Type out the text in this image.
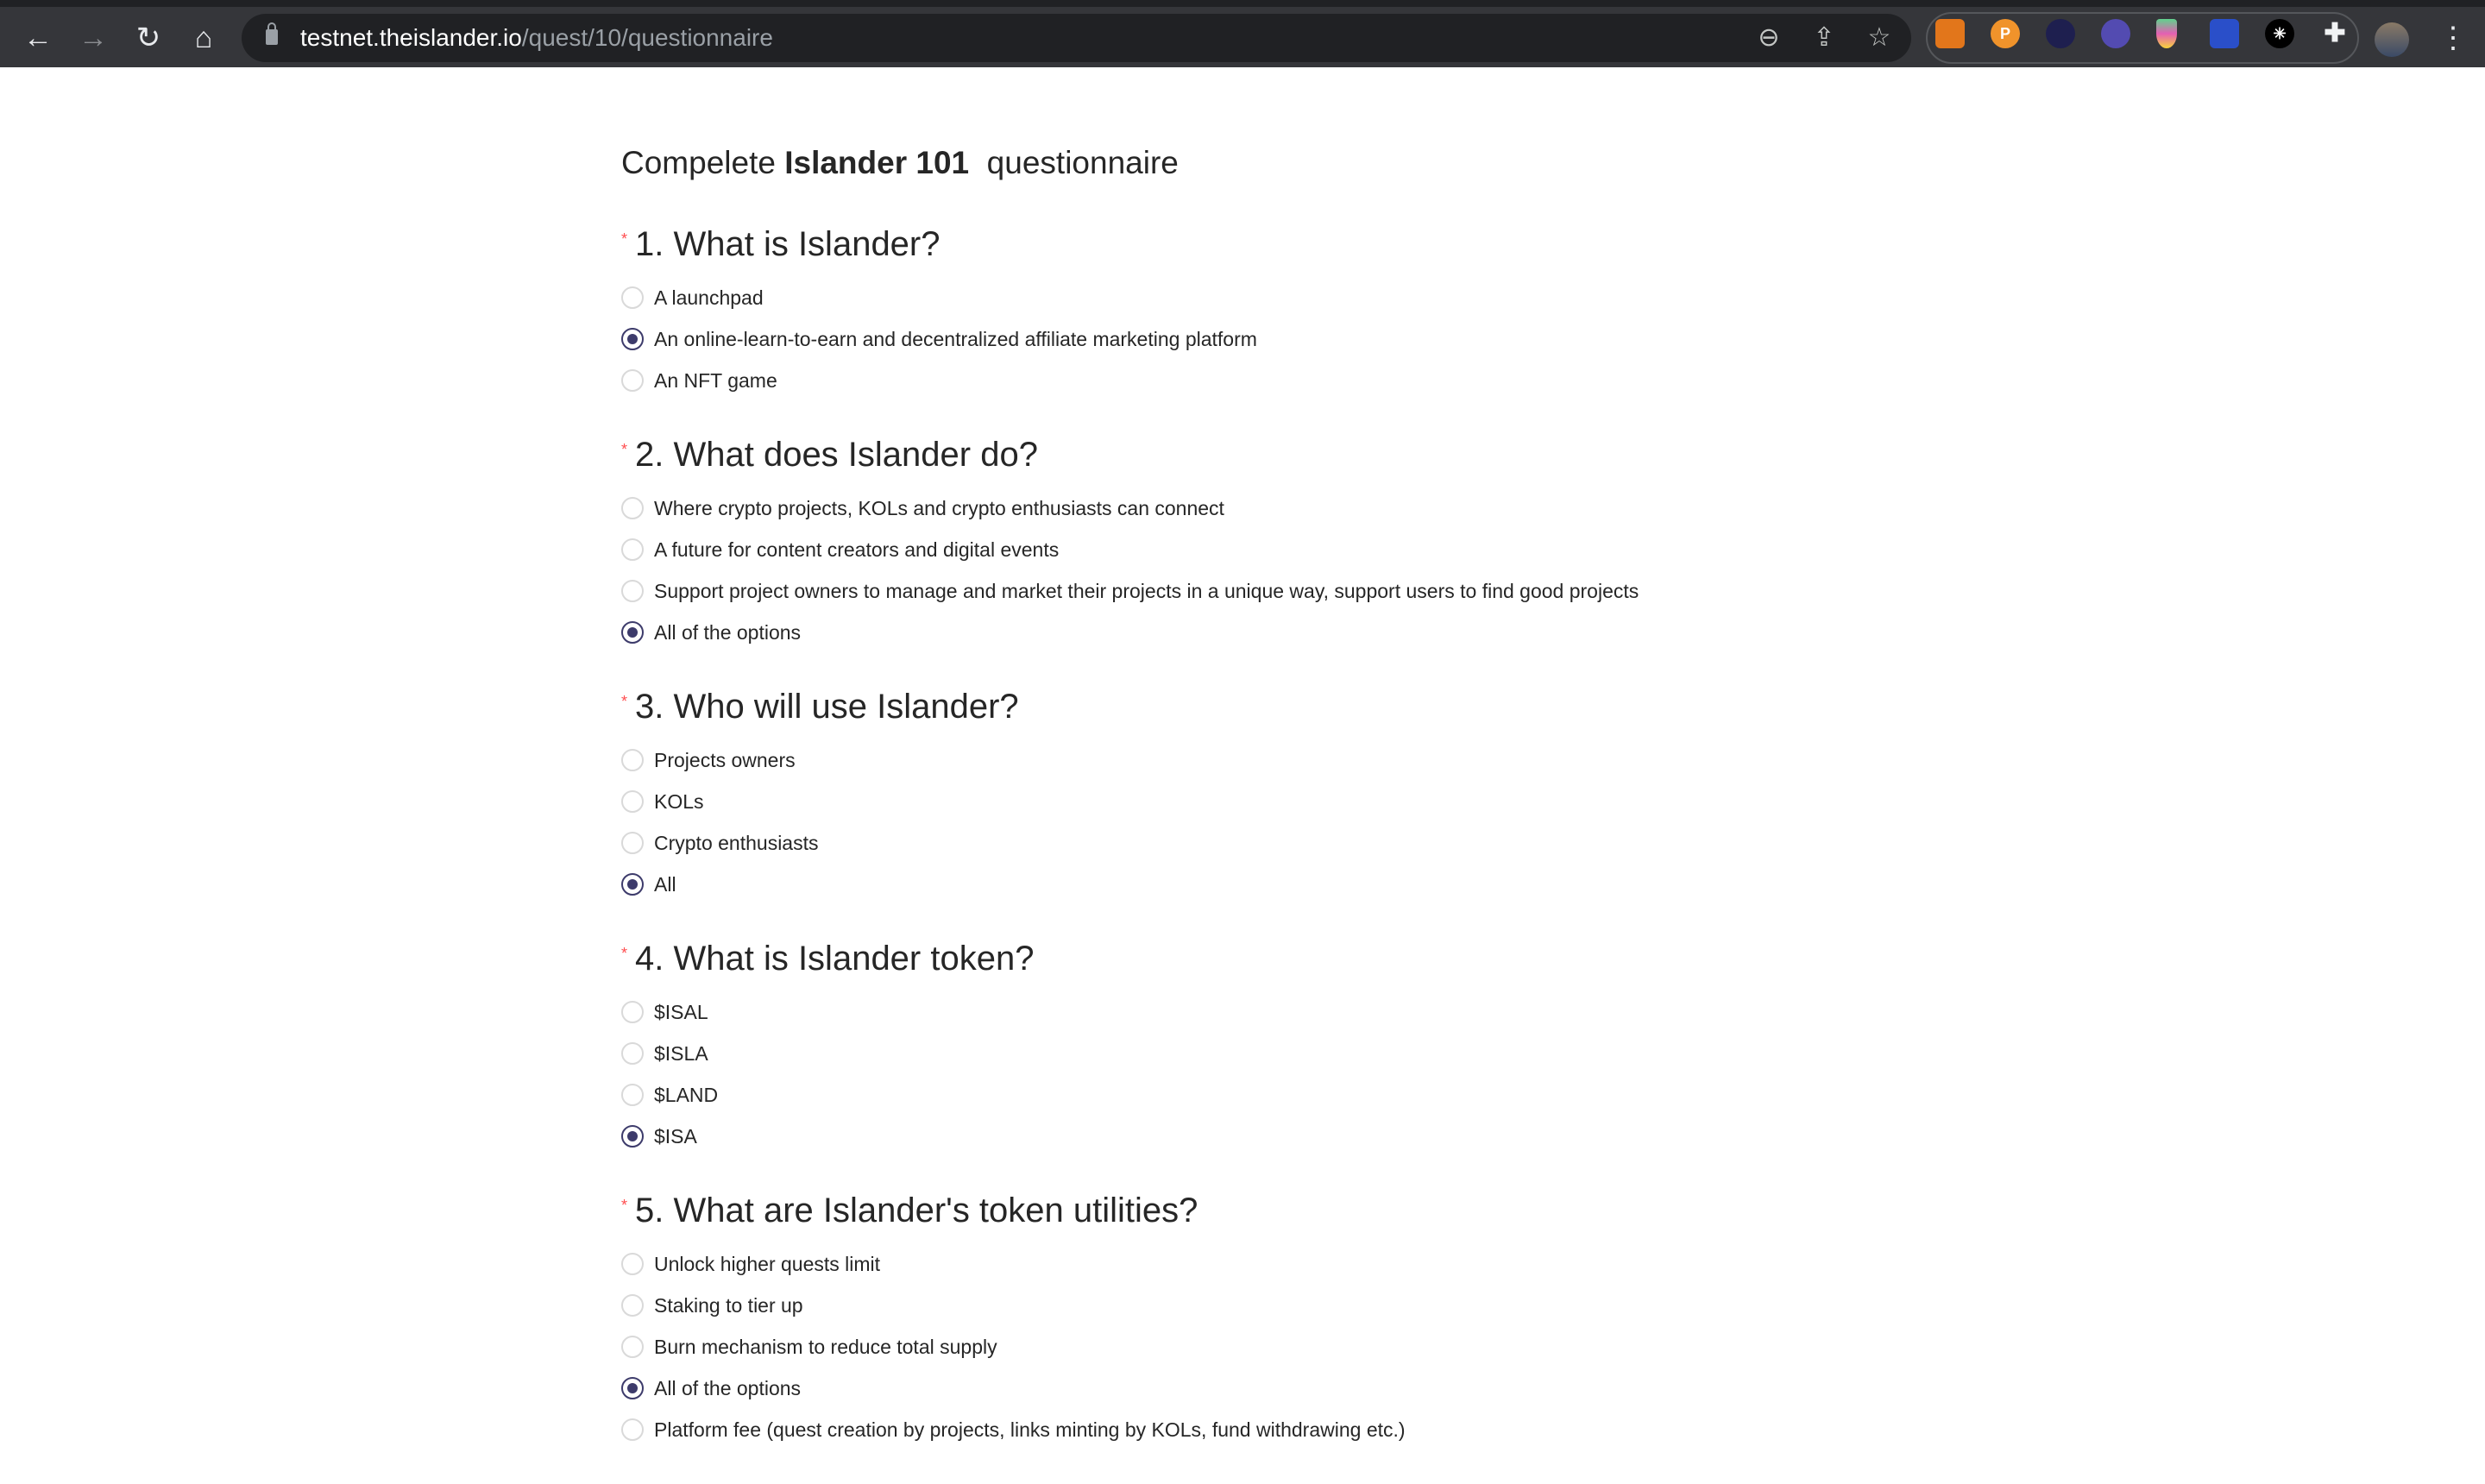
← → ↻	⌂	testnet.theislander.io/quest/10/questionnaire	⊖ ⇪ ☆	P	✳	✚	⋮
Compelete Islander 101  questionnaire
* 1. What is Islander?
A launchpad
An online-learn-to-earn and decentralized affiliate marketing platform
An NFT game
* 2. What does Islander do?
Where crypto projects, KOLs and crypto enthusiasts can connect
A future for content creators and digital events
Support project owners to manage and market their projects in a unique way, support users to find good projects
All of the options
* 3. Who will use Islander?
Projects owners
KOLs
Crypto enthusiasts
All
* 4. What is Islander token?
$ISAL
$ISLA
$LAND
$ISA
* 5. What are Islander's token utilities?
Unlock higher quests limit
Staking to tier up
Burn mechanism to reduce total supply
All of the options
Platform fee (quest creation by projects, links minting by KOLs, fund withdrawing etc.)
